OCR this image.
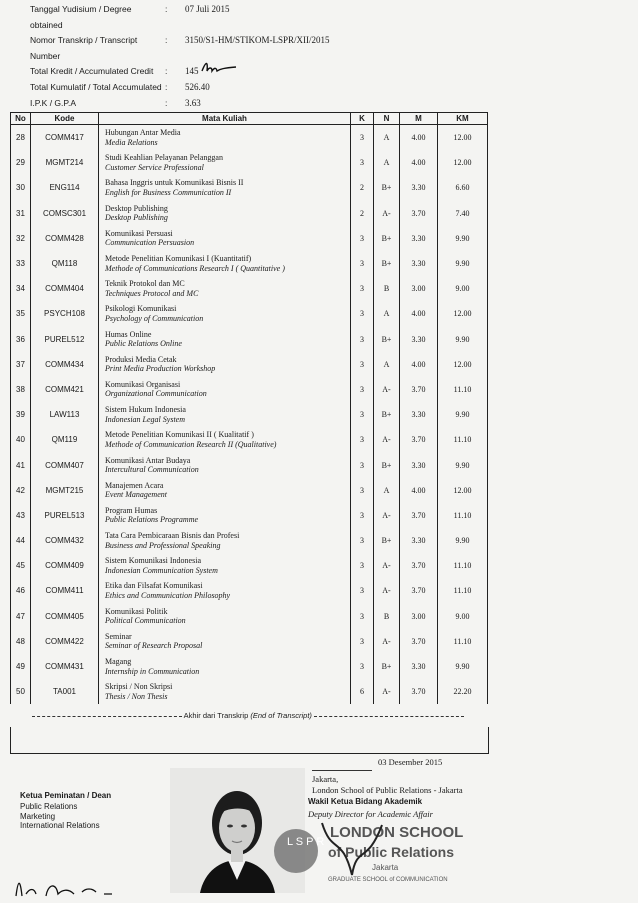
Tanggal Yudisium / Degree obtained
:	07 Juli 2015
Nomor Transkrip / Transcript Number
:	3150/S1-HM/STIKOM-LSPR/XII/2015
Total Kredit / Accumulated Credit	:	145
Total Kumulatif / Total Accumulated :	526.40
I.P.K / G.P.A	:	3.63
No	Kode	Mata Kuliah	K	N	M	KM
28	COMM417	Hubungan Antar Media
Media Relations	3	A	4.00	12.00
29	MGMT214	Studi Keahlian Pelayanan Pelanggan
Customer Service Professional	3	A	4.00	12.00
30	ENG114	Bahasa Inggris untuk Komunikasi Bisnis II
English for Business Communication II	2	B+	3.30	6.60
31	COMSC301	Desktop Publishing
Desktop Publishing	2	A-	3.70	7.40
32	COMM428	Komunikasi Persuasi
Communication Persuasion	3	B+	3.30	9.90
33	QM118	Metode Penelitian Komunikasi I (Kuantitatif)
Methode of Communications Research I ( Quantitative )	3	B+	3.30	9.90
34	COMM404	Teknik Protokol dan MC
Techniques Protocol and MC	3	B	3.00	9.00
35	PSYCH108	Psikologi Komunikasi
Psychology of Communication	3	A	4.00	12.00
36	PUREL512	Humas Online
Public Relations Online	3	B+	3.30	9.90
37	COMM434	Produksi Media Cetak
Print Media Production Workshop	3	A	4.00	12.00
38	COMM421	Komunikasi Organisasi
Organizational Communication	3	A-	3.70	11.10
39	LAW113	Sistem Hukum Indonesia
Indonesian Legal System	3	B+	3.30	9.90
40	QM119	Metode Penelitian Komunikasi II ( Kualitatif )
Methode of Communication Research II (Qualitative)	3	A-	3.70	11.10
41	COMM407	Komunikasi Antar Budaya
Intercultural Communication	3	B+	3.30	9.90
42	MGMT215	Manajemen Acara
Event Management	3	A	4.00	12.00
43	PUREL513	Program Humas
Public Relations Programme	3	A-	3.70	11.10
44	COMM432	Tata Cara Pembicaraan Bisnis dan Profesi
Business and Professional Speaking	3	B+	3.30	9.90
45	COMM409	Sistem Komunikasi Indonesia
Indonesian Communication System	3	A-	3.70	11.10
46	COMM411	Etika dan Filsafat Komunikasi
Ethics and Communication Philosophy	3	A-	3.70	11.10
47	COMM405	Komunikasi Politik
Political Communication	3	B	3.00	9.00
48	COMM422	Seminar
Seminar of Research Proposal	3	A-	3.70	11.10
49	COMM431	Magang
Internship in Communication	3	B+	3.30	9.90
50	TA001	Skripsi / Non Skripsi
Thesis / Non Thesis	6	A-	3.70	22.20
Akhir dari Transkrip (End of Transcript)
03 Desember 2015
Jakarta,
London School of Public Relations - Jakarta
Wakil Ketua Bidang Akademik
Deputy Director for Academic Affair
Ketua Peminatan / Dean
Public Relations
Marketing
International Relations
L S P R
LONDON SCHOOL
of Public Relations
Jakarta
GRADUATE SCHOOL of COMMUNICATION
